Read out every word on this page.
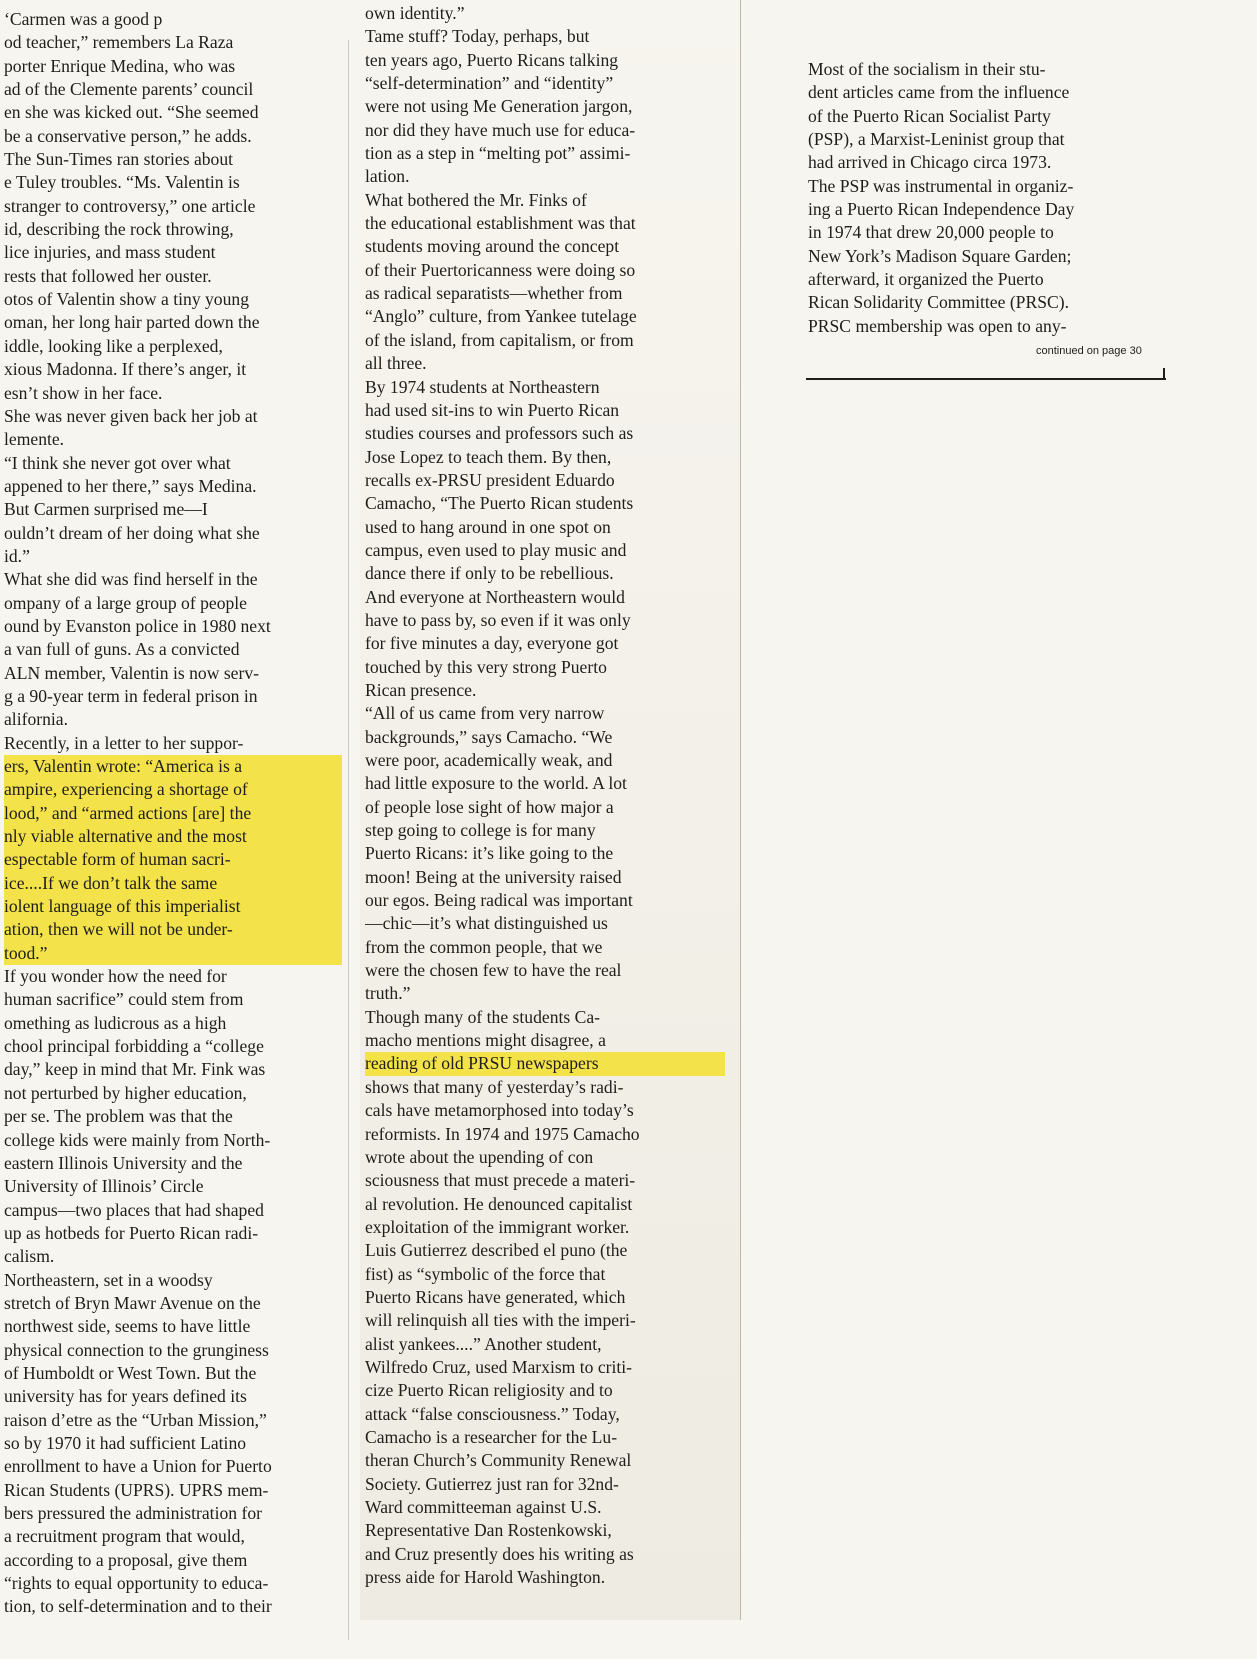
‘Carmen was a good p
od teacher,” remembers La Raza
porter Enrique Medina, who was
ad of the Clemente parents’ council
en she was kicked out. “She seemed
be a conservative person,” he adds.
The Sun-Times ran stories about
e Tuley troubles. “Ms. Valentin is
stranger to controversy,” one article
id, describing the rock throwing,
lice injuries, and mass student
rests that followed her ouster.
otos of Valentin show a tiny young
oman, her long hair parted down the
iddle, looking like a perplexed,
xious Madonna. If there’s anger, it
esn’t show in her face.
She was never given back her job at
lemente.
“I think she never got over what
appened to her there,” says Medina.
But Carmen surprised me—I
ouldn’t dream of her doing what she
id.”
What she did was find herself in the
ompany of a large group of people
ound by Evanston police in 1980 next
a van full of guns. As a convicted
ALN member, Valentin is now serv-
g a 90-year term in federal prison in
alifornia.
Recently, in a letter to her suppor-
ers, Valentin wrote: “America is a
ampire, experiencing a shortage of
lood,” and “armed actions [are] the
nly viable alternative and the most
espectable form of human sacri-
ice....If we don’t talk the same
iolent language of this imperialist
ation, then we will not be under-
tood.”
If you wonder how the need for
human sacrifice” could stem from
omething as ludicrous as a high
chool principal forbidding a “college
day,” keep in mind that Mr. Fink was
not perturbed by higher education,
per se. The problem was that the
college kids were mainly from North-
eastern Illinois University and the
University of Illinois’ Circle
campus—two places that had shaped
up as hotbeds for Puerto Rican radi-
calism.
Northeastern, set in a woodsy
stretch of Bryn Mawr Avenue on the
northwest side, seems to have little
physical connection to the grunginess
of Humboldt or West Town. But the
university has for years defined its
raison d’etre as the “Urban Mission,”
so by 1970 it had sufficient Latino
enrollment to have a Union for Puerto
Rican Students (UPRS). UPRS mem-
bers pressured the administration for
a recruitment program that would,
according to a proposal, give them
“rights to equal opportunity to educa-
tion, to self-determination and to their
own identity.”
Tame stuff? Today, perhaps, but
ten years ago, Puerto Ricans talking
“self-determination” and “identity”
were not using Me Generation jargon,
nor did they have much use for educa-
tion as a step in “melting pot” assimi-
lation.
What bothered the Mr. Finks of
the educational establishment was that
students moving around the concept
of their Puertoricanness were doing so
as radical separatists—whether from
“Anglo” culture, from Yankee tutelage
of the island, from capitalism, or from
all three.
By 1974 students at Northeastern
had used sit-ins to win Puerto Rican
studies courses and professors such as
Jose Lopez to teach them. By then,
recalls ex-PRSU president Eduardo
Camacho, “The Puerto Rican students
used to hang around in one spot on
campus, even used to play music and
dance there if only to be rebellious.
And everyone at Northeastern would
have to pass by, so even if it was only
for five minutes a day, everyone got
touched by this very strong Puerto
Rican presence.
“All of us came from very narrow
backgrounds,” says Camacho. “We
were poor, academically weak, and
had little exposure to the world. A lot
of people lose sight of how major a
step going to college is for many
Puerto Ricans: it’s like going to the
moon! Being at the university raised
our egos. Being radical was important
—chic—it’s what distinguished us
from the common people, that we
were the chosen few to have the real
truth.”
Though many of the students Ca-
macho mentions might disagree, a
reading of old PRSU newspapers
shows that many of yesterday’s radi-
cals have metamorphosed into today’s
reformists. In 1974 and 1975 Camacho
wrote about the upending of con
sciousness that must precede a materi-
al revolution. He denounced capitalist
exploitation of the immigrant worker.
Luis Gutierrez described el puno (the
fist) as “symbolic of the force that
Puerto Ricans have generated, which
will relinquish all ties with the imperi-
alist yankees....” Another student,
Wilfredo Cruz, used Marxism to criti-
cize Puerto Rican religiosity and to
attack “false consciousness.” Today,
Camacho is a researcher for the Lu-
theran Church’s Community Renewal
Society. Gutierrez just ran for 32nd-
Ward committeeman against U.S.
Representative Dan Rostenkowski,
and Cruz presently does his writing as
press aide for Harold Washington.
Most of the socialism in their stu-
dent articles came from the influence
of the Puerto Rican Socialist Party
(PSP), a Marxist-Leninist group that
had arrived in Chicago circa 1973.
The PSP was instrumental in organiz-
ing a Puerto Rican Independence Day
in 1974 that drew 20,000 people to
New York’s Madison Square Garden;
afterward, it organized the Puerto
Rican Solidarity Committee (PRSC).
PRSC membership was open to any-
continued on page 30
